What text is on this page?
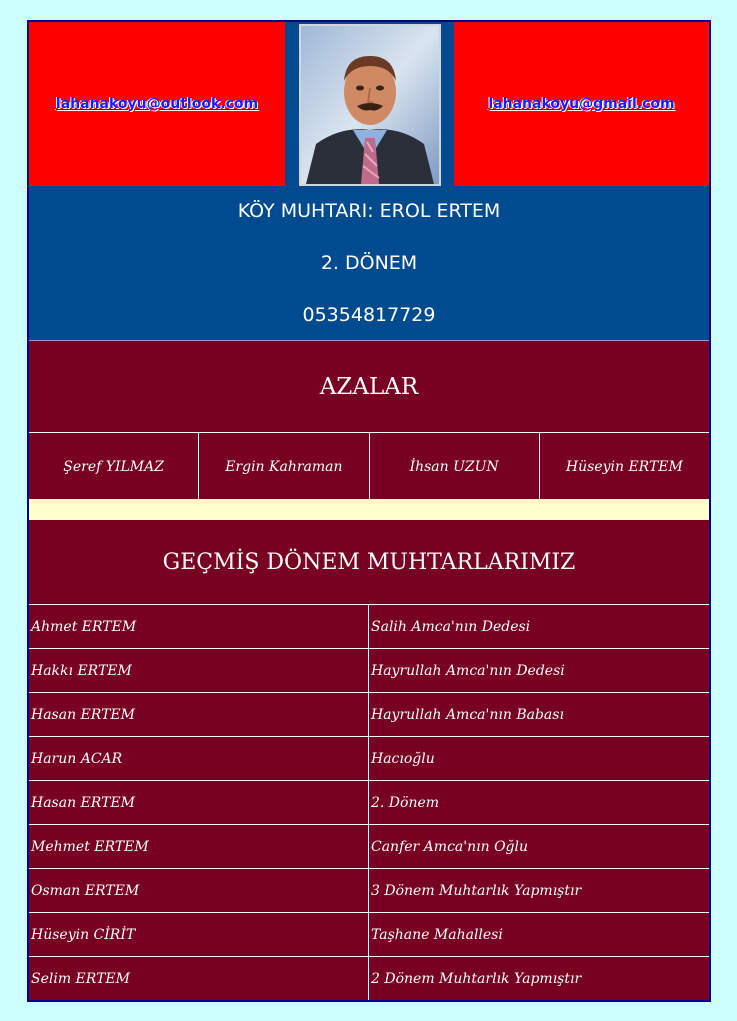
lahanakoyu@outlook.com	lahanakoyu@gmail.com
KÖY MUHTARI: EROL ERTEM
2. DÖNEM
05354817729
AZALAR
Şeref YILMAZ	Ergin Kahraman	İhsan UZUN	Hüseyin ERTEM
GEÇMİŞ DÖNEM MUHTARLARIMIZ
Ahmet ERTEM	Salih Amca'nın Dedesi
Hakkı ERTEM	Hayrullah Amca'nın Dedesi
Hasan ERTEM	Hayrullah Amca'nın Babası
Harun ACAR	Hacıoğlu
Hasan ERTEM	2. Dönem
Mehmet ERTEM	Canfer Amca'nın Oğlu
Osman ERTEM	3 Dönem Muhtarlık Yapmıştır
Hüseyin CİRİT	Taşhane Mahallesi
Selim ERTEM	2 Dönem Muhtarlık Yapmıştır
